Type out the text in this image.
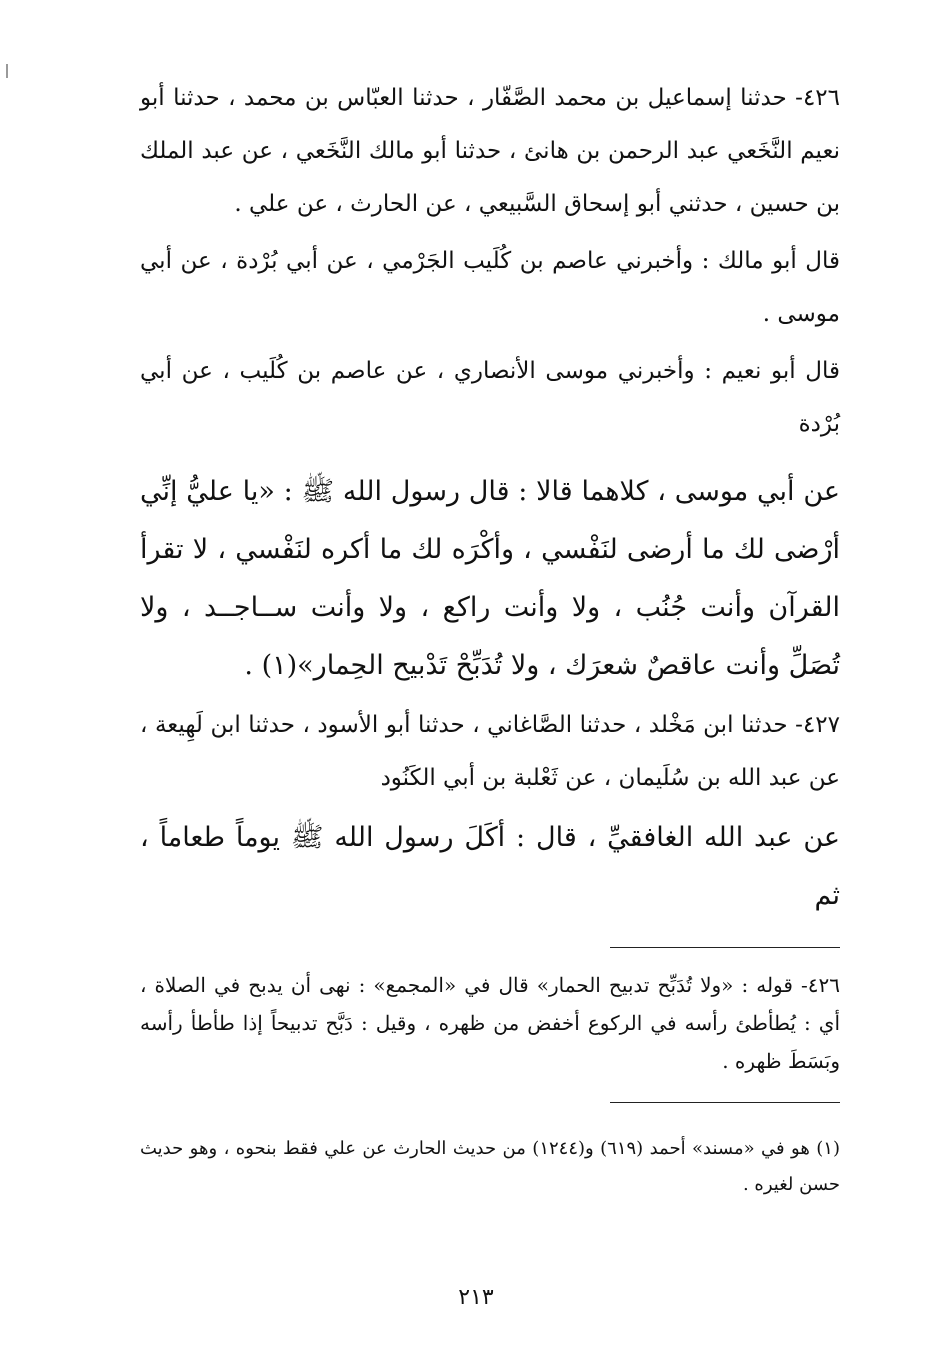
٤٢٦- حدثنا إسماعيل بن محمد الصَّفّار ، حدثنا العبّاس بن محمد ، حدثنا أبو نعيم النَّخَعي عبد الرحمن بن هانئ ، حدثنا أبو مالك النَّخَعي ، عن عبد الملك بن حسين ، حدثني أبو إسحاق السَّبيعي ، عن الحارث ، عن علي .

قال أبو مالك : وأخبرني عاصم بن كُلَيب الجَرْمي ، عن أبي بُرْدة ، عن أبي موسى .

قال أبو نعيم : وأخبرني موسى الأنصاري ، عن عاصم بن كُلَيب ، عن أبي بُرْدة

عن أبي موسى ، كلاهما قالا : قال رسول الله ﷺ : «يا عليُّ إنِّي أرْضى لك ما أرضى لنَفْسي ، وأكْرَه لك ما أكره لنَفْسي ، لا تقرأ القرآن وأنت جُنُب ، ولا وأنت راكع ، ولا وأنت ســاجــد ، ولا تُصَلِّ وأنت عاقصٌ شعرَك ، ولا تُدَبِّحْ تَدْبيح الحِمار»(١) .

٤٢٧- حدثنا ابن مَخْلد ، حدثنا الصَّاغاني ، حدثنا أبو الأسود ، حدثنا ابن لَهِيعة ، عن عبد الله بن سُلَيمان ، عن ثَعْلبة بن أبي الكَنُود

عن عبد الله الغافقيِّ ، قال : أكَلَ رسول الله ﷺ يوماً طعاماً ، ثم

٤٢٦- قوله : «ولا تُدَبِّح تدبيح الحمار» قال في «المجمع» : نهى أن يدبح في الصلاة ، أي : يُطأطئ رأسه في الركوع أخفض من ظهره ، وقيل : دَبَّح تدبيحاً إذا طأطأ رأسه وبَسَطَ ظهره .

(١) هو في «مسند» أحمد (٦١٩) و(١٢٤٤) من حديث الحارث عن علي فقط بنحوه ، وهو حديث حسن لغيره .

٢١٣
